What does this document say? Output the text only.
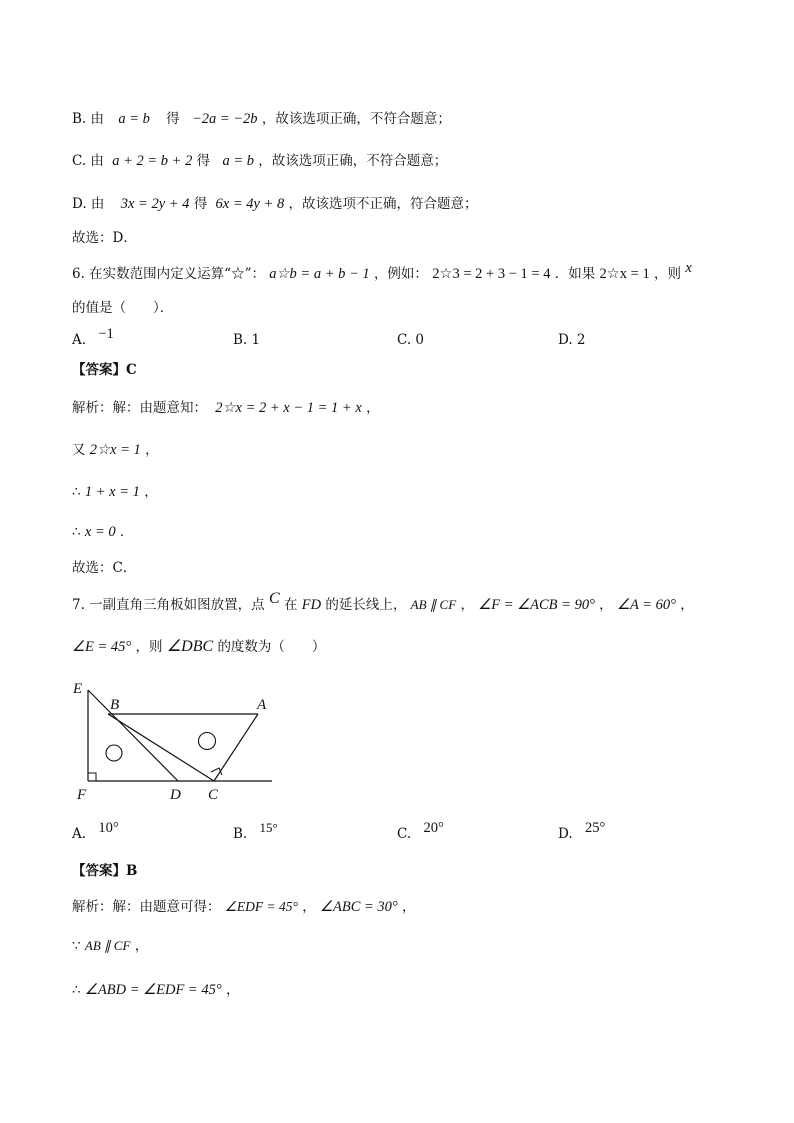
B. 由 a = b 得 −2a = −2b ，故该选项正确，不符合题意；
C. 由 a + 2 = b + 2 得 a = b ，故该选项正确，不符合题意；
D. 由 3x = 2y + 4 得 6x = 4y + 8 ，故该选项不正确，符合题意；
故选：D．
6. 在实数范围内定义运算“☆”： a☆b = a + b − 1 ，例如： 2☆3 = 2 + 3 − 1 = 4 ．如果 2☆x = 1 ，则 x
的值是（　　）．
A. −1	B. 1	C. 0	D. 2
【答案】C
解析：解：由题意知： 2☆x = 2 + x − 1 = 1 + x ，
又 2☆x = 1 ，
∴ 1 + x = 1 ，
∴ x = 0 ．
故选：C．
7. 一副直角三角板如图放置，点 C 在 FD 的延长线上， AB ∥ CF ， ∠F = ∠ACB = 90° ， ∠A = 60° ，
∠E = 45° ，则 ∠DBC 的度数为（　　）
E
B	A
F	D C
A. 10°	B. 15°	C. 20°	D. 25°
【答案】B
解析：解：由题意可得： ∠EDF = 45° ， ∠ABC = 30° ，
∵ AB ∥ CF ，
∴ ∠ABD = ∠EDF = 45° ，
